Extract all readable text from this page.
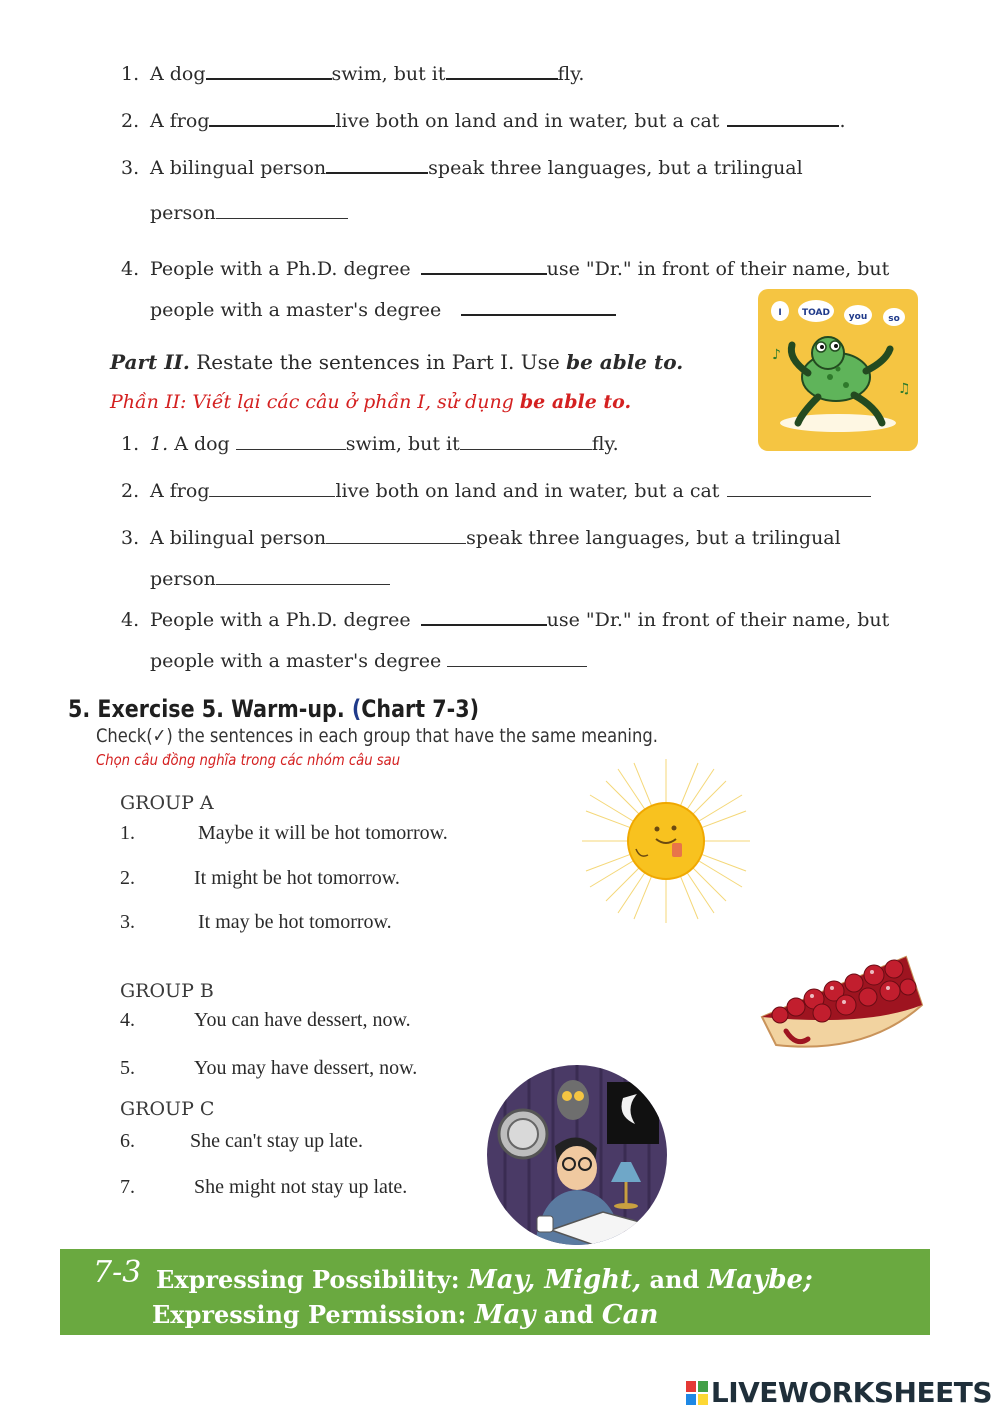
1. A dog	swim, but it	fly.
2. A frog	live both on land and in water, but a cat	.
3. A bilingual person	speak three languages, but a trilingual
person
4. People with a Ph.D. degree	use "Dr." in front of their name, but
people with a master's degree	I TOAD you so
♪
♫
Part II. Restate the sentences in Part I. Use be able to.
Phần II: Viết lại các câu ở phần I, sử dụng be able to.
1. 1. A dog	swim, but it	fly.
2. A frog	live both on land and in water, but a cat
3. A bilingual person	speak three languages, but a trilingual
person
4. People with a Ph.D. degree	use "Dr." in front of their name, but
people with a master's degree
5. Exercise 5. Warm-up. (Chart 7-3)
Check(✓) the sentences in each group that have the same meaning.
Chọn câu đồng nghĩa trong các nhóm câu sau
GROUP A
1.	Maybe it will be hot tomorrow.
2.	It might be hot tomorrow.
3.	It may be hot tomorrow.
GROUP B
4.	You can have dessert, now.
5.	You may have dessert, now.
GROUP C
6.	She can't stay up late.
7.	She might not stay up late.
7-3 Expressing Possibility: May, Might, and Maybe;
Expressing Permission: May and Can
LIVEWORKSHEETS
